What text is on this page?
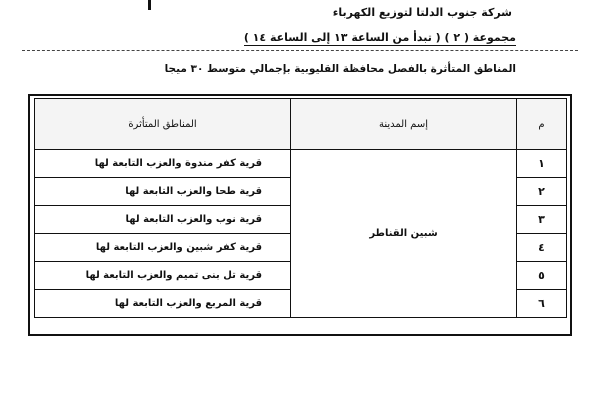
شركة جنوب الدلتا لتوزيع الكهرباء
مجموعة ( ٢ ) ( تبدأ من الساعة ١٣ إلى الساعة ١٤ )
المناطق المتأثرة بالفصل محافظة القليوبية بإجمالي متوسط ٣٠ ميجا
م	إسم المدينة	المناطق المتأثرة
١	شبين القناطر	قرية كفر مندوة والعزب التابعة لها
٢		قرية طحا والعزب التابعة لها
٣		قرية نوب والعزب التابعة لها
٤		قرية كفر شبين والعزب التابعة لها
٥		قرية تل بنى تميم والعزب التابعة لها
٦		قرية المربع والعزب التابعة لها
